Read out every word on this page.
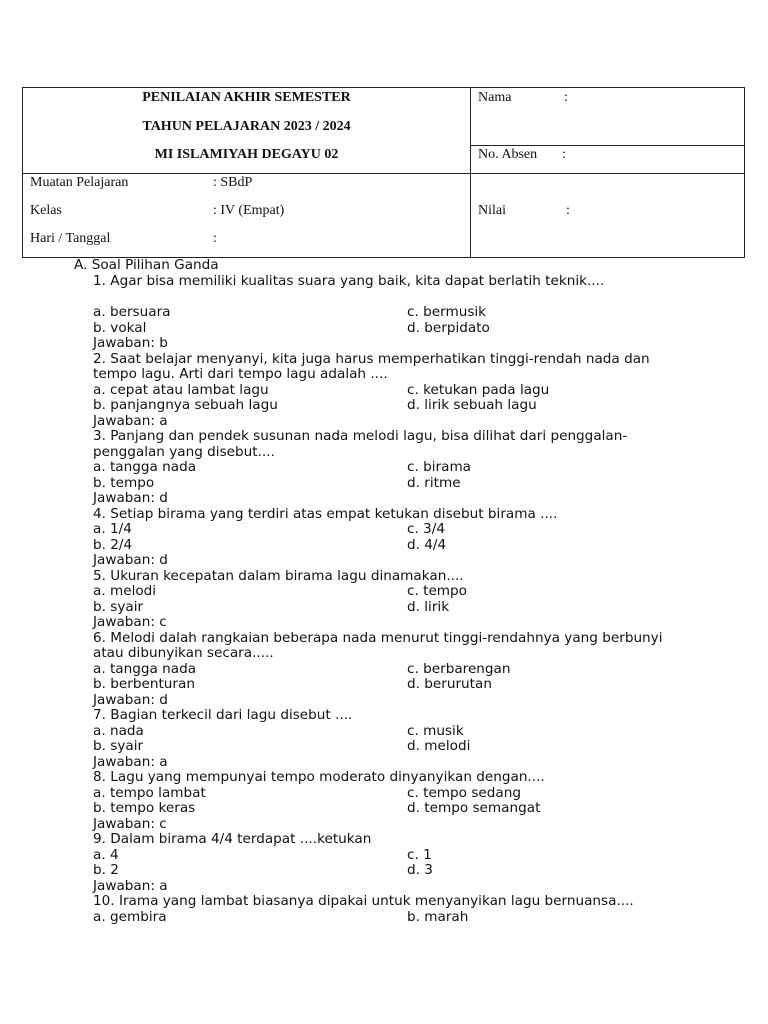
PENILAIAN AKHIR SEMESTER
TAHUN PELAJARAN 2023 / 2024
MI ISLAMIYAH DEGAYU 02
Nama	:
No. Absen :
Muatan Pelajaran	: SBdP
Kelas	: IV (Empat)
Hari / Tanggal	:
Nilai	:
A. Soal Pilihan Ganda
1. Agar bisa memiliki kualitas suara yang baik, kita dapat berlatih teknik....
a. bersuara	c. bermusik
b. vokal	d. berpidato
Jawaban: b
2. Saat belajar menyanyi, kita juga harus memperhatikan tinggi-rendah nada dan tempo lagu. Arti dari tempo lagu adalah ....
a. cepat atau lambat lagu	c. ketukan pada lagu
b. panjangnya sebuah lagu	d. lirik sebuah lagu
Jawaban: a
3. Panjang dan pendek susunan nada melodi lagu, bisa dilihat dari penggalan-penggalan yang disebut....
a. tangga nada	c. birama
b. tempo	d. ritme
Jawaban: d
4. Setiap birama yang terdiri atas empat ketukan disebut birama ....
a. 1/4	c. 3/4
b. 2/4	d. 4/4
Jawaban: d
5. Ukuran kecepatan dalam birama lagu dinamakan....
a. melodi	c. tempo
b. syair	d. lirik
Jawaban: c
6. Melodi dalah rangkaian beberapa nada menurut tinggi-rendahnya yang berbunyi atau dibunyikan secara.....
a. tangga nada	c. berbarengan
b. berbenturan	d. berurutan
Jawaban: d
7. Bagian terkecil dari lagu disebut ....
a. nada	c. musik
b. syair	d. melodi
Jawaban: a
8. Lagu yang mempunyai tempo moderato dinyanyikan dengan....
a. tempo lambat	c. tempo sedang
b. tempo keras	d. tempo semangat
Jawaban: c
9. Dalam birama 4/4 terdapat ....ketukan
a. 4	c. 1
b. 2	d. 3
Jawaban: a
10. Irama yang lambat biasanya dipakai untuk menyanyikan lagu bernuansa....
a. gembira	b. marah
